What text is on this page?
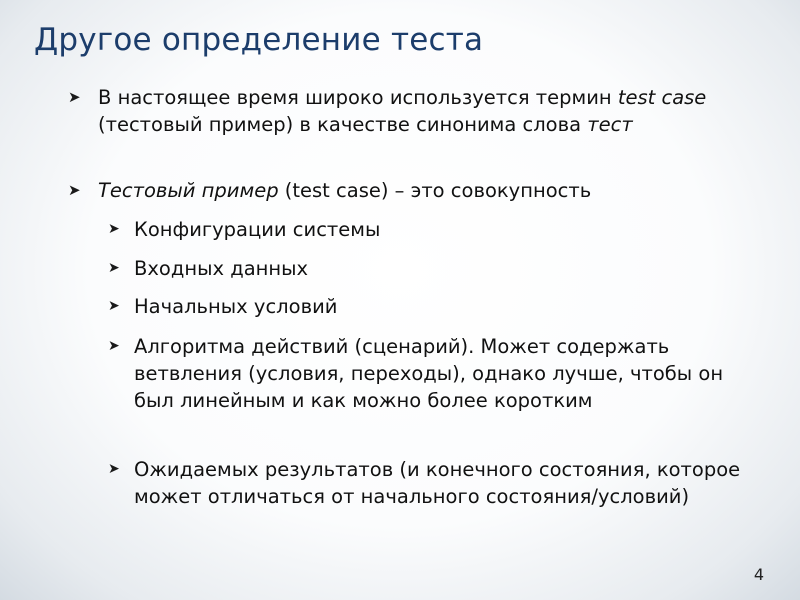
Другое определение теста
➤ В настоящее время широко используется термин test case (тестовый пример) в качестве синонима слова тест
➤ Тестовый пример (test case) – это совокупность
➤ Конфигурации системы
➤ Входных данных
➤ Начальных условий
➤ Алгоритма действий (сценарий). Может содержать ветвления (условия, переходы), однако лучше, чтобы он был линейным и как можно более коротким
➤ Ожидаемых результатов (и конечного состояния, которое может отличаться от начального состояния/условий)
4
